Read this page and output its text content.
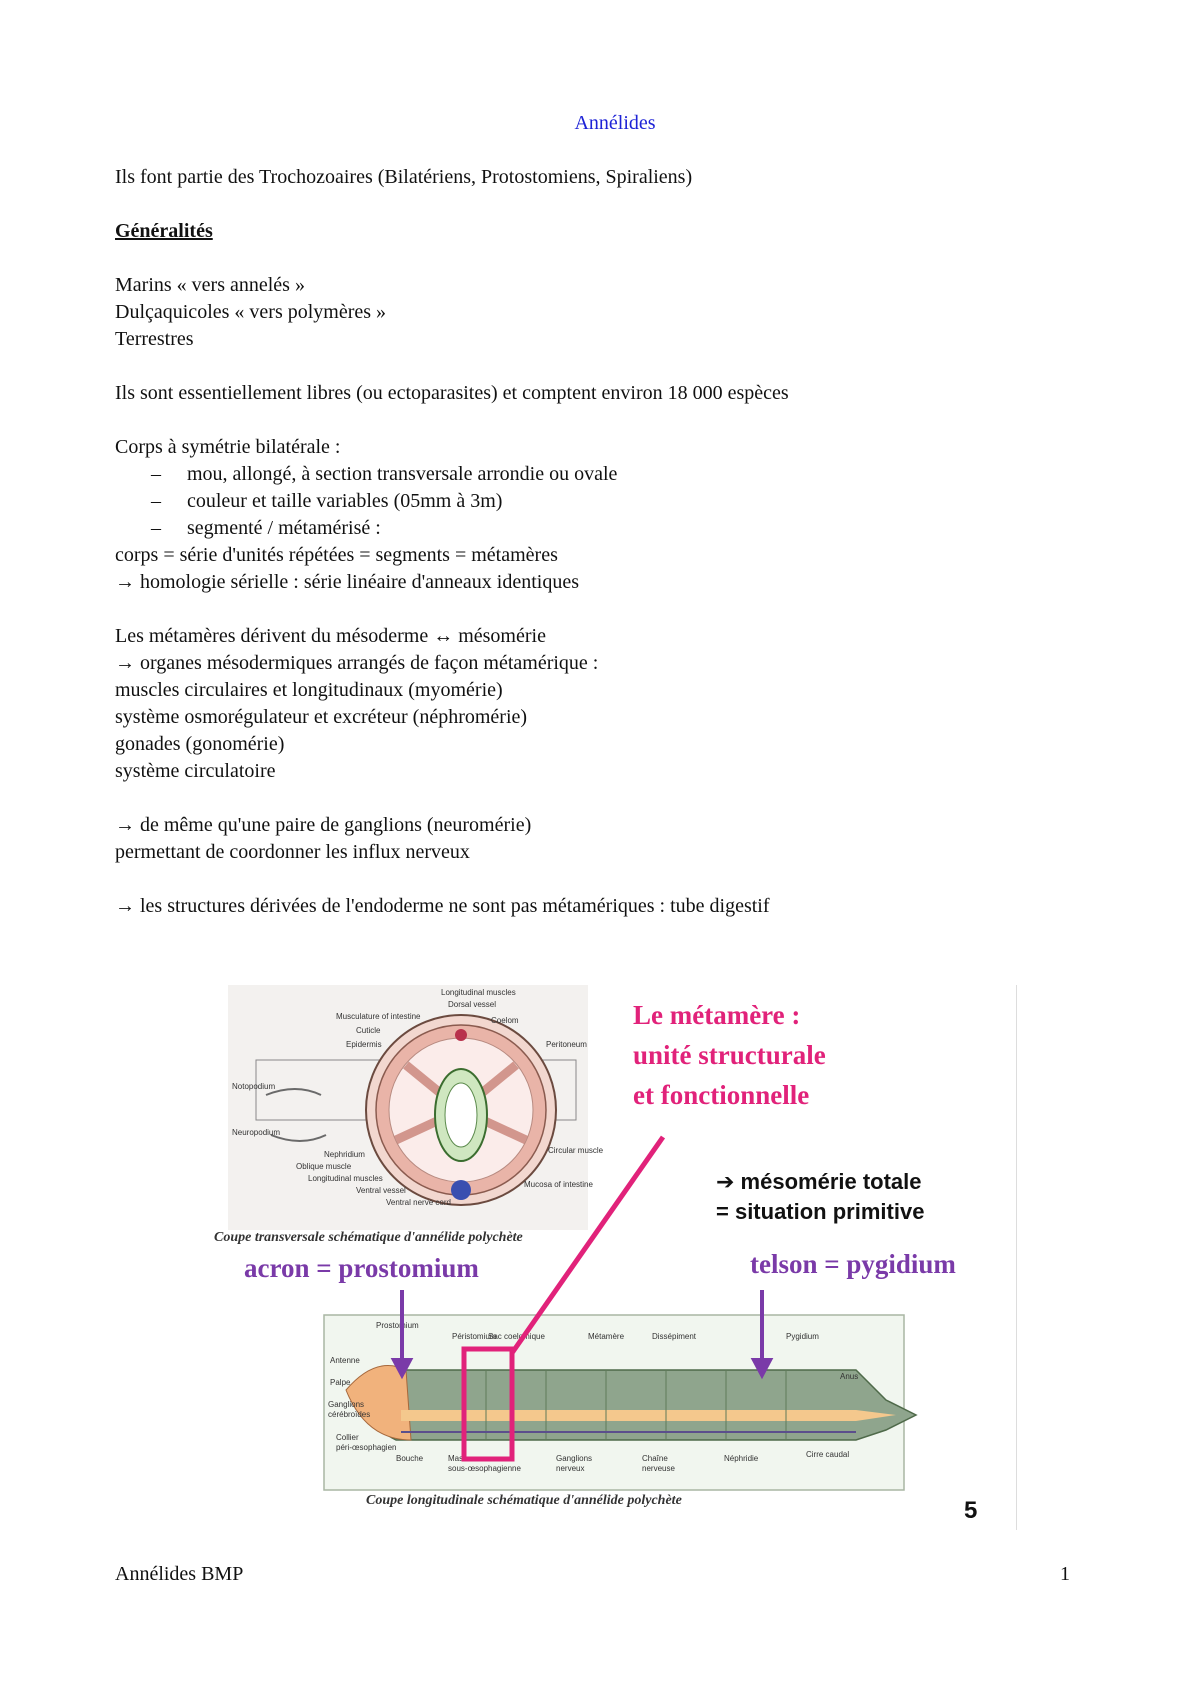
Annélides

Ils font partie des Trochozoaires (Bilatériens, Protostomiens, Spiraliens)

Généralités

Marins « vers annelés »

Dulçaquicoles « vers polymères »

Terrestres

Ils sont essentiellement libres (ou ectoparasites) et comptent environ 18 000 espèces

Corps à symétrie bilatérale :

– mou, allongé, à section transversale arrondie ou ovale
– couleur et taille variables (05mm à 3m)
– segmenté / métamérisé :

corps = série d'unités répétées = segments = métamères

→ homologie sérielle : série linéaire d'anneaux identiques

Les métamères dérivent du mésoderme ↔ mésomérie

→ organes mésodermiques arrangés de façon métamérique :

muscles circulaires et longitudinaux (myomérie)

système osmorégulateur et excréteur (néphromérie)

gonades (gonomérie)

système circulatoire

→ de même qu'une paire de ganglions (neuromérie)

permettant de coordonner les influx nerveux

→ les structures dérivées de l'endoderme ne sont pas métamériques : tube digestif

Longitudinal muscles
Dorsal vessel
Musculature of intestine	Coelom
Cuticle
Epidermis	Peritoneum
Notopodium
Neuropodium
Nephridium
Oblique muscle
Longitudinal muscles
Ventral vessel
Ventral nerve cord
Circular muscle
Mucosa of intestine
Prostomium
Péristomium
Sac coelomique	Métamère	Dissépiment	Pygidium
Antenne
Palpe
Ganglions
cérébroïdes
Collier
péri-œsophagien
Bouche	Masse
sous-œsophagienne
Ganglions
nerveux
Chaîne
nerveuse
Néphridie	Cirre caudal
Anus
Le métamère :
unité structurale
et fonctionnelle
➔ mésomérie totale
= situation primitive
Coupe transversale schématique d'annélide polychète
acron = prostomium	telson = pygidium
Coupe longitudinale schématique d'annélide polychète	5
Annélides BMP	1
